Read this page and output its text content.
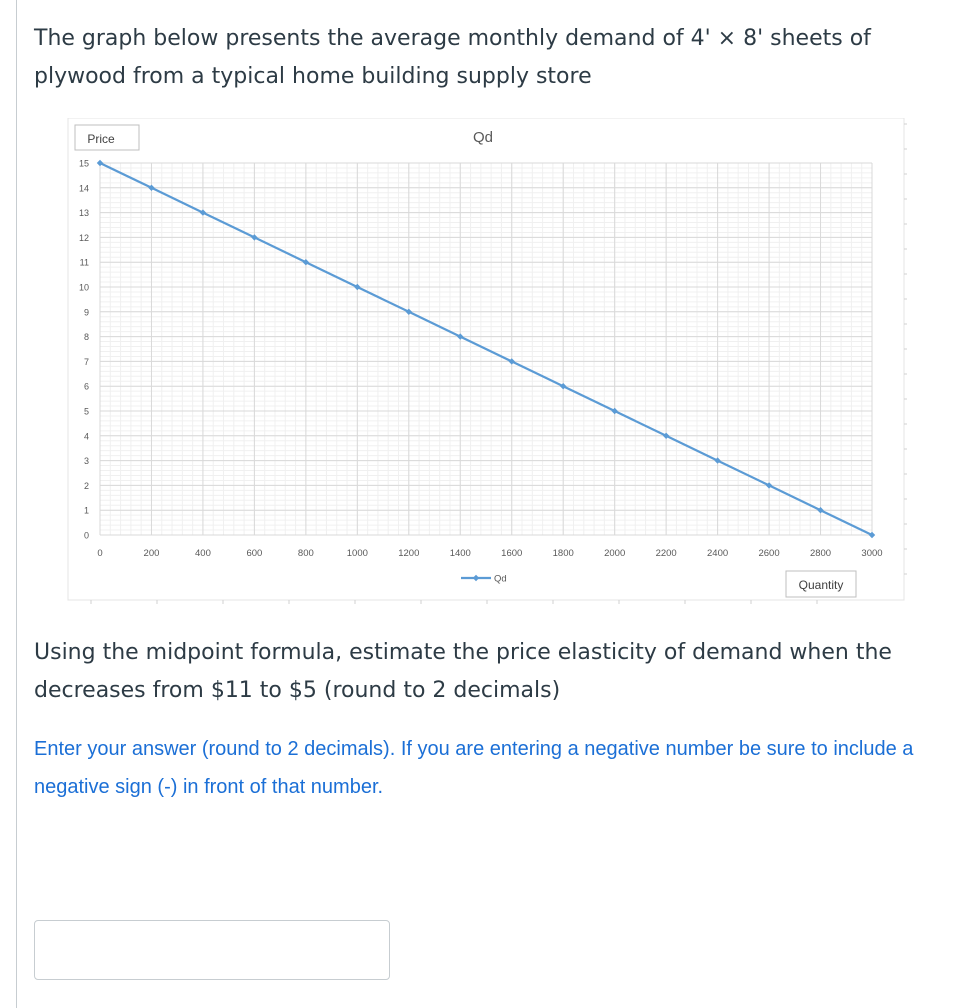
The graph below presents the average monthly demand of 4' × 8' sheets of plywood from a typical home building supply store

0
1
2
3
4
5
6
7
8
9
10
11
12
13
14
15
0	200	400	600	800	1000	1200	1400	1600	1800	2000	2200	2400	2600	2800	3000
Qd
Price
Quantity
Qd

Using the midpoint formula, estimate the price elasticity of demand when the decreases from $11 to $5 (round to 2 decimals)

Enter your answer (round to 2 decimals). If you are entering a negative number be sure to include a negative sign (-) in front of that number.
